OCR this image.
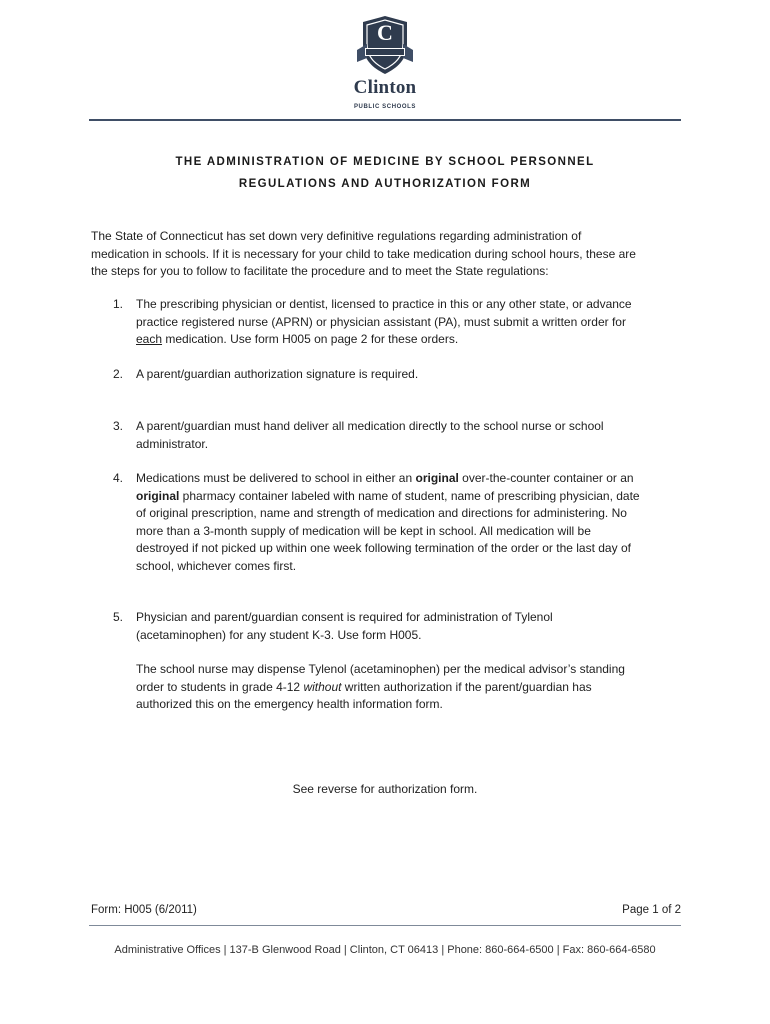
C
Clinton
PUBLIC SCHOOLS
THE ADMINISTRATION OF MEDICINE BY SCHOOL PERSONNEL
REGULATIONS AND AUTHORIZATION FORM
The State of Connecticut has set down very definitive regulations regarding administration of
medication in schools. If it is necessary for your child to take medication during school hours, these are
the steps for you to follow to facilitate the procedure and to meet the State regulations:
1. The prescribing physician or dentist, licensed to practice in this or any other state, or advance
practice registered nurse (APRN) or physician assistant (PA), must submit a written order for
each medication. Use form H005 on page 2 for these orders.
2. A parent/guardian authorization signature is required.
3. A parent/guardian must hand deliver all medication directly to the school nurse or school
administrator.
4. Medications must be delivered to school in either an original over-the-counter container or an
original pharmacy container labeled with name of student, name of prescribing physician, date
of original prescription, name and strength of medication and directions for administering. No
more than a 3-month supply of medication will be kept in school. All medication will be
destroyed if not picked up within one week following termination of the order or the last day of
school, whichever comes first.
5. Physician and parent/guardian consent is required for administration of Tylenol
(acetaminophen) for any student K-3. Use form H005.
The school nurse may dispense Tylenol (acetaminophen) per the medical advisor’s standing
order to students in grade 4-12 without written authorization if the parent/guardian has
authorized this on the emergency health information form.
See reverse for authorization form.
Form: H005 (6/2011)	Page 1 of 2
Administrative Offices | 137-B Glenwood Road | Clinton, CT 06413 | Phone: 860-664-6500 | Fax: 860-664-6580
